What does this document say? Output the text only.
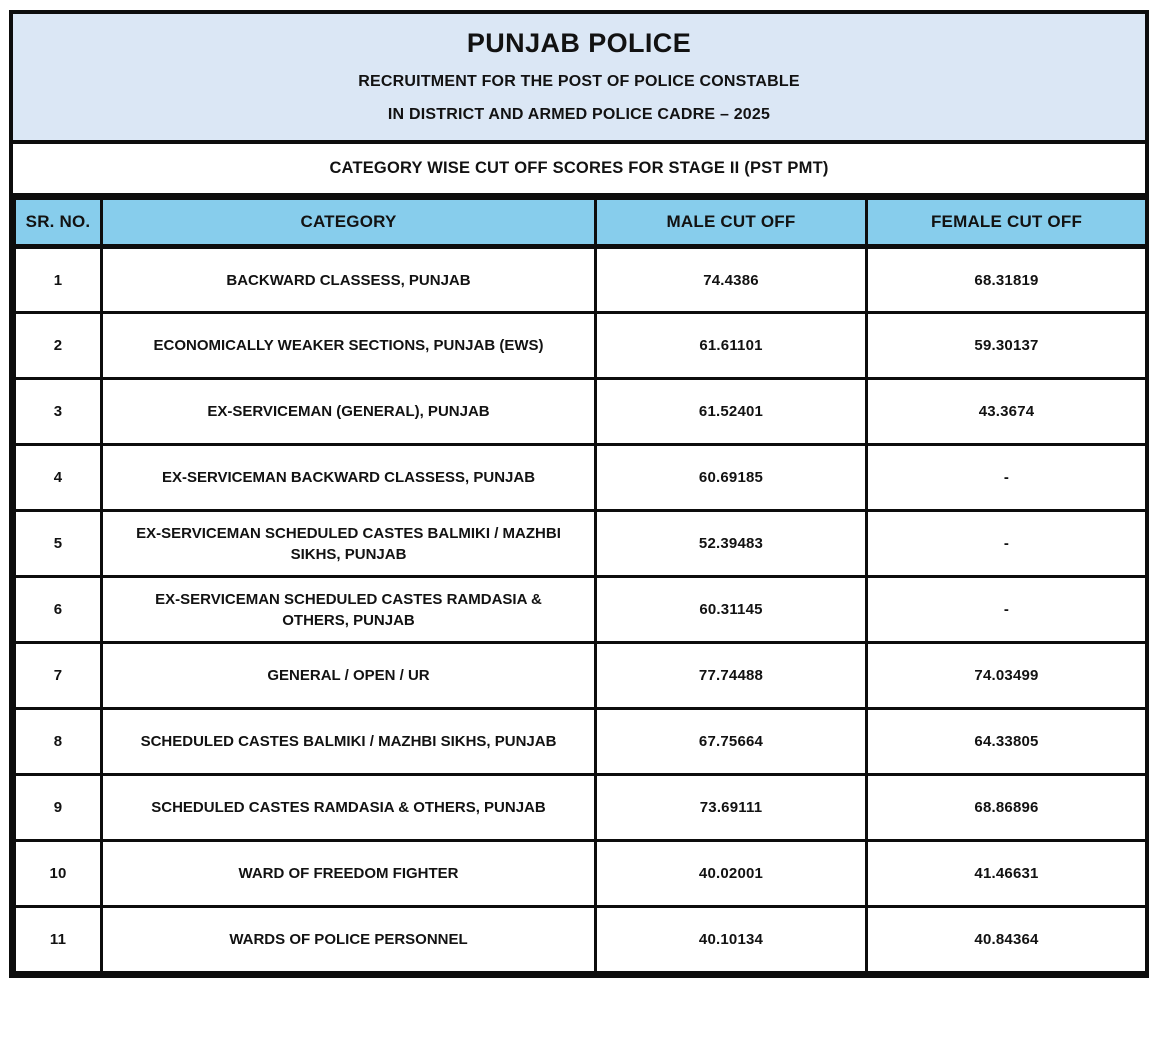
PUNJAB POLICE
RECRUITMENT FOR THE POST OF POLICE CONSTABLE
IN DISTRICT AND ARMED POLICE CADRE – 2025
CATEGORY WISE CUT OFF SCORES FOR STAGE II (PST PMT)
SR. NO.	CATEGORY	MALE CUT OFF	FEMALE CUT OFF
1	BACKWARD CLASSESS, PUNJAB	74.4386	68.31819
2	ECONOMICALLY WEAKER SECTIONS, PUNJAB (EWS)	61.61101	59.30137
3	EX-SERVICEMAN (GENERAL), PUNJAB	61.52401	43.3674
4	EX-SERVICEMAN BACKWARD CLASSESS, PUNJAB	60.69185	-
5	EX-SERVICEMAN SCHEDULED CASTES BALMIKI / MAZHBI SIKHS, PUNJAB	52.39483	-
6	EX-SERVICEMAN SCHEDULED CASTES RAMDASIA & OTHERS, PUNJAB	60.31145	-
7	GENERAL / OPEN / UR	77.74488	74.03499
8	SCHEDULED CASTES BALMIKI / MAZHBI SIKHS, PUNJAB	67.75664	64.33805
9	SCHEDULED CASTES RAMDASIA & OTHERS, PUNJAB	73.69111	68.86896
10	WARD OF FREEDOM FIGHTER	40.02001	41.46631
11	WARDS OF POLICE PERSONNEL	40.10134	40.84364
